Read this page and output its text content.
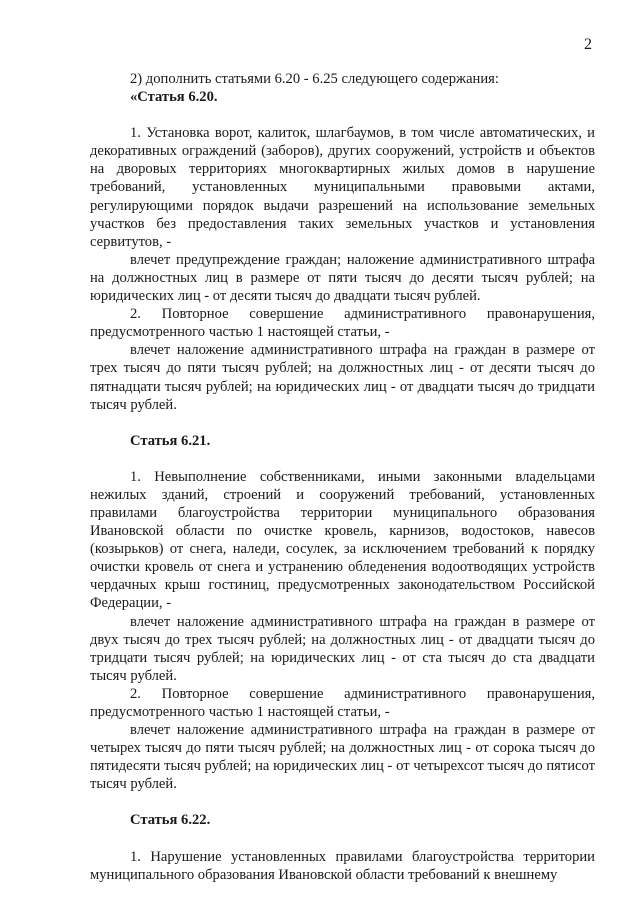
2

2) дополнить статьями 6.20 - 6.25 следующего содержания:

«Статья 6.20.

1. Установка ворот, калиток, шлагбаумов, в том числе автоматических, и декоративных ограждений (заборов), других сооружений, устройств и объектов на дворовых территориях многоквартирных жилых домов в нарушение требований, установленных муниципальными правовыми актами, регулирующими порядок выдачи разрешений на использование земельных участков без предоставления таких земельных участков и установления сервитутов, -

влечет предупреждение граждан; наложение административного штрафа на должностных лиц в размере от пяти тысяч до десяти тысяч рублей; на юридических лиц - от десяти тысяч до двадцати тысяч рублей.

2. Повторное совершение административного правонарушения, предусмотренного частью 1 настоящей статьи, -

влечет наложение административного штрафа на граждан в размере от трех тысяч до пяти тысяч рублей; на должностных лиц - от десяти тысяч до пятнадцати тысяч рублей; на юридических лиц - от двадцати тысяч до тридцати тысяч рублей.

Статья 6.21.

1. Невыполнение собственниками, иными законными владельцами нежилых зданий, строений и сооружений требований, установленных правилами благоустройства территории муниципального образования Ивановской области по очистке кровель, карнизов, водостоков, навесов (козырьков) от снега, наледи, сосулек, за исключением требований к порядку очистки кровель от снега и устранению обледенения водоотводящих устройств чердачных крыш гостиниц, предусмотренных законодательством Российской Федерации, -

влечет наложение административного штрафа на граждан в размере от двух тысяч до трех тысяч рублей; на должностных лиц - от двадцати тысяч до тридцати тысяч рублей; на юридических лиц - от ста тысяч до ста двадцати тысяч рублей.

2. Повторное совершение административного правонарушения, предусмотренного частью 1 настоящей статьи, -

влечет наложение административного штрафа на граждан в размере от четырех тысяч до пяти тысяч рублей; на должностных лиц - от сорока тысяч до пятидесяти тысяч рублей; на юридических лиц - от четырехсот тысяч до пятисот тысяч рублей.

Статья 6.22.

1. Нарушение установленных правилами благоустройства территории муниципального образования Ивановской области требований к внешнему
